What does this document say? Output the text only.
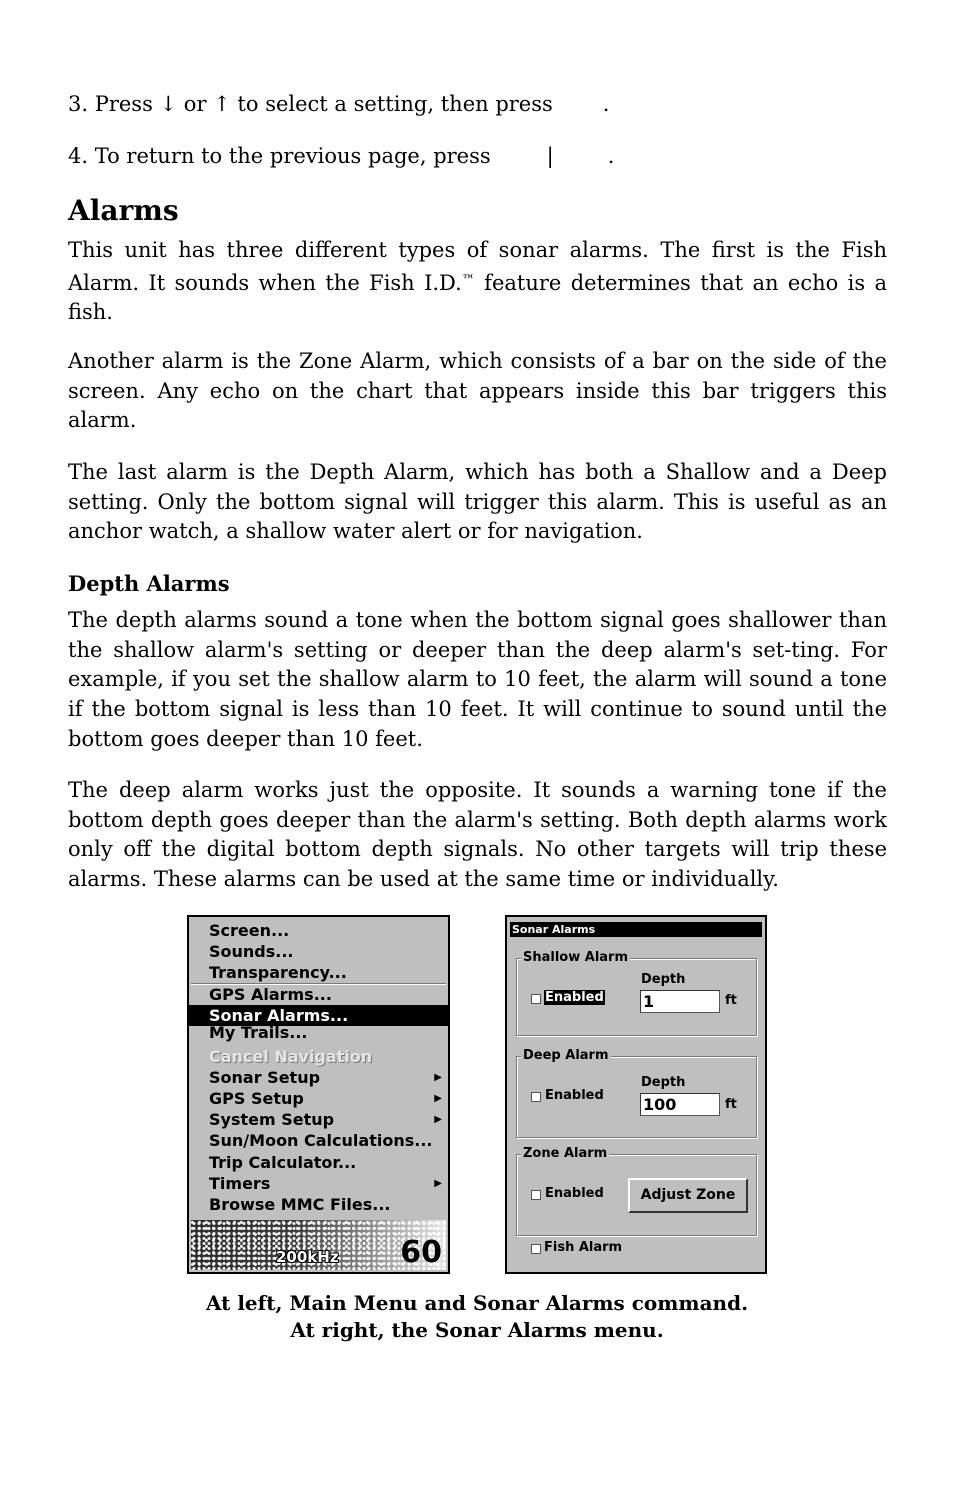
3. Press ↓ or ↑ to select a setting, then press .
4. To return to the previous page, press	|	.
Alarms

This unit has three different types of sonar alarms. The first is the Fish Alarm. It sounds when the Fish I.D.™ feature determines that an echo is a fish.

Another alarm is the Zone Alarm, which consists of a bar on the side of the screen. Any echo on the chart that appears inside this bar triggers this alarm.

The last alarm is the Depth Alarm, which has both a Shallow and a Deep setting. Only the bottom signal will trigger this alarm. This is useful as an anchor watch, a shallow water alert or for navigation.

Depth Alarms

The depth alarms sound a tone when the bottom signal goes shallower than the shallow alarm's setting or deeper than the deep alarm's set-ting. For example, if you set the shallow alarm to 10 feet, the alarm will sound a tone if the bottom signal is less than 10 feet. It will continue to sound until the bottom goes deeper than 10 feet.

The deep alarm works just the opposite. It sounds a warning tone if the bottom depth goes deeper than the alarm's setting. Both depth alarms work only off the digital bottom depth signals. No other targets will trip these alarms. These alarms can be used at the same time or individually.

Screen...
Sounds...
Transparency...
GPS Alarms...
Sonar Alarms...
My Trails...
Cancel Navigation
Sonar Setup	▶
GPS Setup	▶
System Setup	▶
Sun/Moon Calculations...
Trip Calculator...
Timers	▶
Browse MMC Files...
200kHz 60
Sonar Alarms
Shallow Alarm
Enabled
Depth
1	ft
Deep Alarm
Enabled
Depth
100	ft
Zone Alarm
Enabled	Adjust Zone
Fish Alarm
At left, Main Menu and Sonar Alarms command.
At right, the Sonar Alarms menu.
